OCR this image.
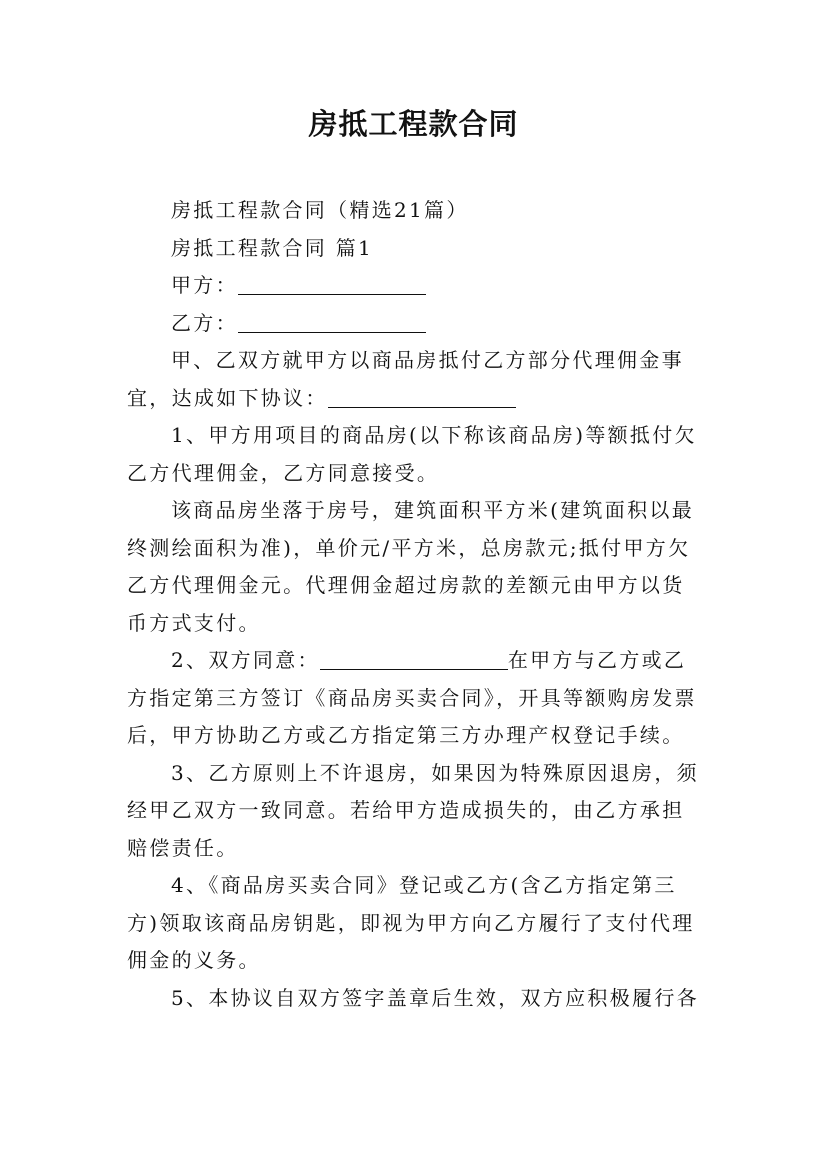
房抵工程款合同

房抵工程款合同（精选21篇）

房抵工程款合同 篇1

甲方：

乙方：

甲、乙双方就甲方以商品房抵付乙方部分代理佣金事宜，达成如下协议：

1、甲方用项目的商品房(以下称该商品房)等额抵付欠乙方代理佣金，乙方同意接受。

该商品房坐落于房号，建筑面积平方米(建筑面积以最终测绘面积为准)，单价元/平方米，总房款元;抵付甲方欠乙方代理佣金元。代理佣金超过房款的差额元由甲方以货币方式支付。

2、双方同意：	在甲方与乙方或乙方指定第三方签订《商品房买卖合同》，开具等额购房发票后，甲方协助乙方或乙方指定第三方办理产权登记手续。

3、乙方原则上不许退房，如果因为特殊原因退房，须经甲乙双方一致同意。若给甲方造成损失的，由乙方承担赔偿责任。

4、《商品房买卖合同》登记或乙方(含乙方指定第三方)领取该商品房钥匙，即视为甲方向乙方履行了支付代理佣金的义务。

5、本协议自双方签字盖章后生效，双方应积极履行各
